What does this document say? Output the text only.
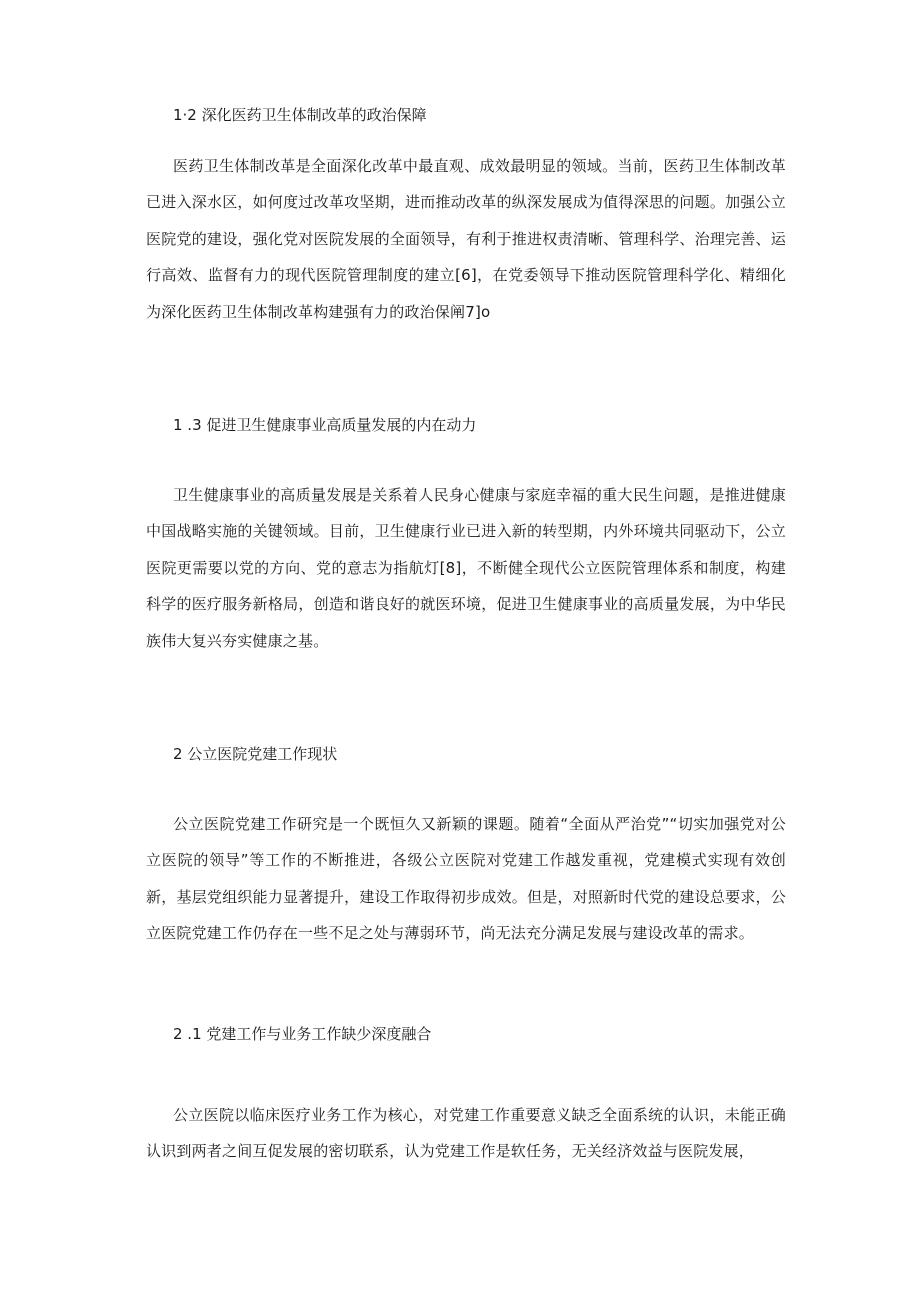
1·2 深化医药卫生体制改革的政治保障

医药卫生体制改革是全面深化改革中最直观、成效最明显的领域。当前，医药卫生体制改革已进入深水区，如何度过改革攻坚期，进而推动改革的纵深发展成为值得深思的问题。加强公立医院党的建设，强化党对医院发展的全面领导，有利于推进权责清晰、管理科学、治理完善、运行高效、监督有力的现代医院管理制度的建立[6]，在党委领导下推动医院管理科学化、精细化为深化医药卫生体制改革构建强有力的政治保阐7]o

1 .3 促进卫生健康事业高质量发展的内在动力

卫生健康事业的高质量发展是关系着人民身心健康与家庭幸福的重大民生问题，是推进健康中国战略实施的关键领域。目前，卫生健康行业已进入新的转型期，内外环境共同驱动下，公立医院更需要以党的方向、党的意志为指航灯[8]，不断健全现代公立医院管理体系和制度，构建科学的医疗服务新格局，创造和谐良好的就医环境，促进卫生健康事业的高质量发展，为中华民族伟大复兴夯实健康之基。

2 公立医院党建工作现状

公立医院党建工作研究是一个既恒久又新颖的课题。随着“全面从严治党”“切实加强党对公立医院的领导”等工作的不断推进，各级公立医院对党建工作越发重视，党建模式实现有效创新，基层党组织能力显著提升，建设工作取得初步成效。但是，对照新时代党的建设总要求，公立医院党建工作仍存在一些不足之处与薄弱环节，尚无法充分满足发展与建设改革的需求。

2 .1 党建工作与业务工作缺少深度融合

公立医院以临床医疗业务工作为核心，对党建工作重要意义缺乏全面系统的认识，未能正确认识到两者之间互促发展的密切联系，认为党建工作是软任务，无关经济效益与医院发展，
